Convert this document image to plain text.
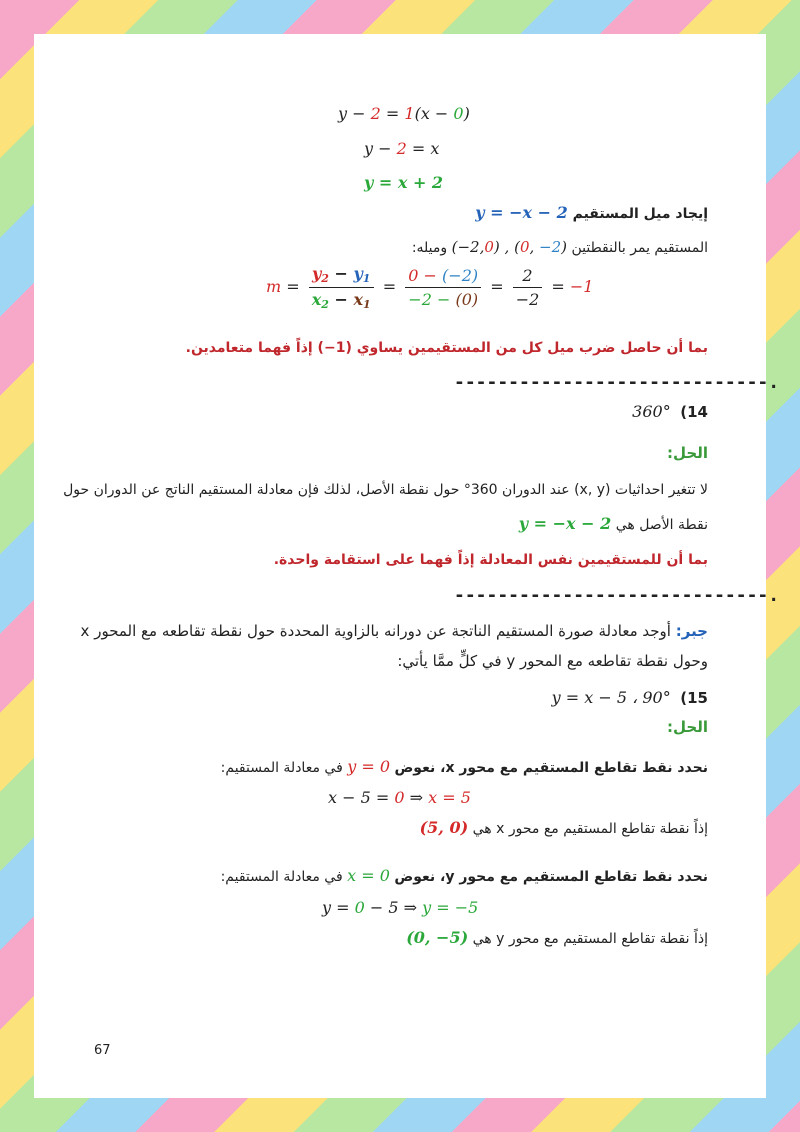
y − 2 = 1(x − 0)
y − 2 = x
y = x + 2
إيجاد ميل المستقيم y = −x − 2
المستقيم يمر بالنقطتين (−2,0) , (0, −2) وميله:
$m = \frac{y_2 - y_1}{x_2 - x_1} = \frac{0 - (-2)}{-2 - (0)} = \frac{2}{-2} = -1$
بما أن حاصل ضرب ميل كل من المستقيمين يساوي (1−) إذاً فهما متعامدين.
-----------------------------.
14)  360°
الحل:
لا تتغير احداثيات (x, y) عند الدوران 360° حول نقطة الأصل، لذلك فإن معادلة المستقيم الناتج عن الدوران حول
نقطة الأصل هي y = −x − 2
بما أن للمستقيمين نفس المعادلة إذاً فهما على استقامة واحدة.
-----------------------------.
جبر: أوجد معادلة صورة المستقيم الناتجة عن دورانه بالزاوية المحددة حول نقطة تقاطعه مع المحور x
وحول نقطة تقاطعه مع المحور y في كلٍّ ممَّا يأتي:
15)  90° ، y = x − 5
الحل:
نحدد نقط تقاطع المستقيم مع محور x، نعوض y = 0 في معادلة المستقيم:
x − 5 = 0 ⇒ x = 5
إذاً نقطة تقاطع المستقيم مع محور x هي (5, 0)
نحدد نقط تقاطع المستقيم مع محور y، نعوض x = 0 في معادلة المستقيم:
y = 0 − 5 ⇒ y = −5
إذاً نقطة تقاطع المستقيم مع محور y هي (0, −5)
67
